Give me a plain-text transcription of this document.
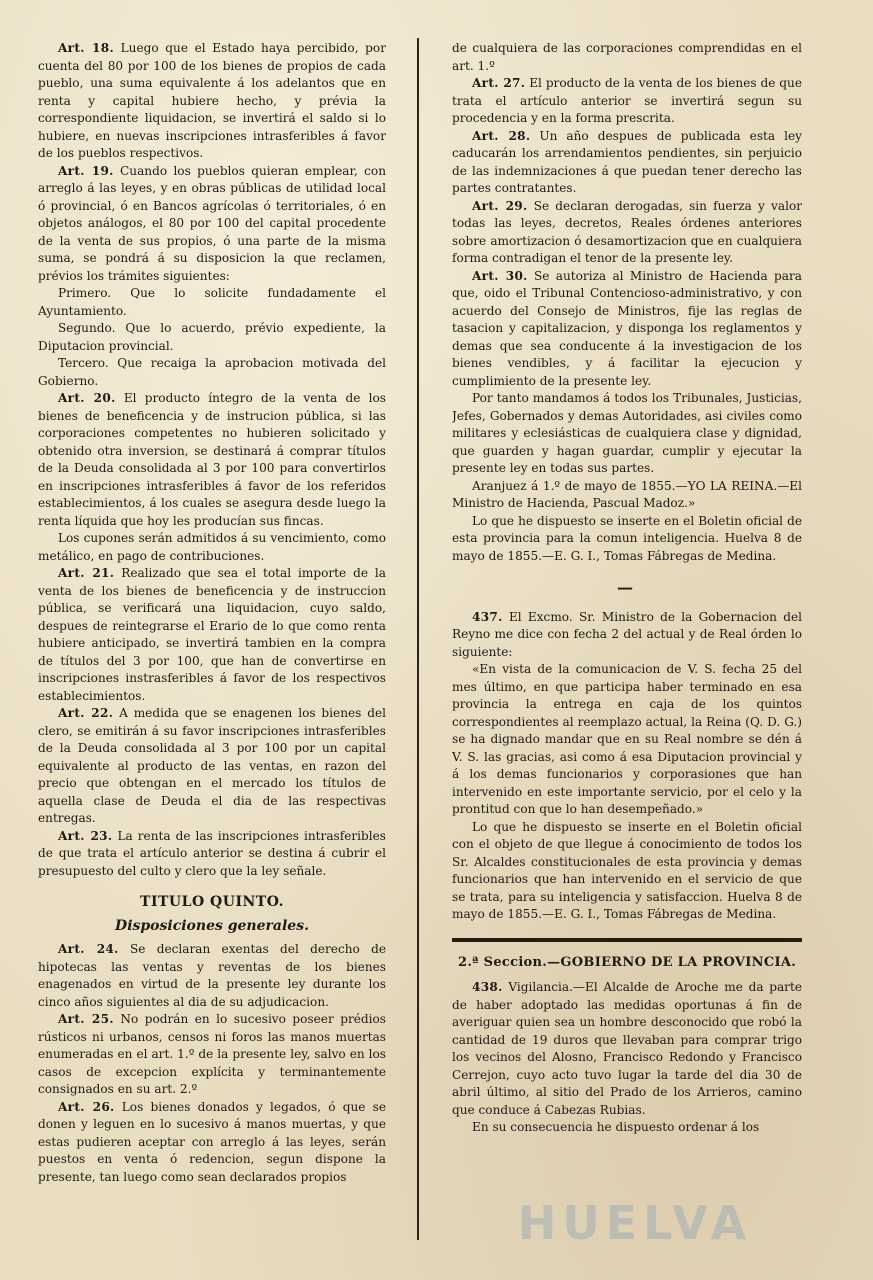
Art. 18. Luego que el Estado haya percibido, por cuenta del 80 por 100 de los bienes de propios de cada pueblo, una suma equivalente á los adelantos que en renta y capital hubiere hecho, y prévia la correspondiente liquidacion, se invertirá el saldo si lo hubiere, en nuevas inscripciones intrasferibles á favor de los pueblos respectivos.

Art. 19. Cuando los pueblos quieran emplear, con arreglo á las leyes, y en obras públicas de utilidad local ó provincial, ó en Bancos agrícolas ó territoriales, ó en objetos análogos, el 80 por 100 del capital procedente de la venta de sus propios, ó una parte de la misma suma, se pondrá á su disposicion la que reclamen, prévios los trámites siguientes:

Primero. Que lo solicite fundadamente el Ayuntamiento.

Segundo. Que lo acuerdo, prévio expediente, la Diputacion provincial.

Tercero. Que recaiga la aprobacion motivada del Gobierno.

Art. 20. El producto íntegro de la venta de los bienes de beneficencia y de instrucion pública, si las corporaciones competentes no hubieren solicitado y obtenido otra inversion, se destinará á comprar títulos de la Deuda consolidada al 3 por 100 para convertirlos en inscripciones intrasferibles á favor de los referidos establecimientos, á los cuales se asegura desde luego la renta líquida que hoy les producían sus fincas.

Los cupones serán admitidos á su vencimiento, como metálico, en pago de contribuciones.

Art. 21. Realizado que sea el total importe de la venta de los bienes de beneficencia y de instruccion pública, se verificará una liquidacion, cuyo saldo, despues de reintegrarse el Erario de lo que como renta hubiere anticipado, se invertirá tambien en la compra de títulos del 3 por 100, que han de convertirse en inscripciones instrasferibles á favor de los respectivos establecimientos.

Art. 22. A medida que se enagenen los bienes del clero, se emitirán á su favor inscripciones intrasferibles de la Deuda consolidada al 3 por 100 por un capital equivalente al producto de las ventas, en razon del precio que obtengan en el mercado los títulos de aquella clase de Deuda el dia de las respectivas entregas.

Art. 23. La renta de las inscripciones intrasferibles de que trata el artículo anterior se destina á cubrir el presupuesto del culto y clero que la ley señale.

TITULO QUINTO.
Disposiciones generales.

Art. 24. Se declaran exentas del derecho de hipotecas las ventas y reventas de los bienes enagenados en virtud de la presente ley durante los cinco años siguientes al dia de su adjudicacion.

Art. 25. No podrán en lo sucesivo poseer prédios rústicos ni urbanos, censos ni foros las manos muertas enumeradas en el art. 1.º de la presente ley, salvo en los casos de excepcion explícita y terminantemente consignados en su art. 2.º

Art. 26. Los bienes donados y legados, ó que se donen y leguen en lo sucesivo á manos muertas, y que estas pudieren aceptar con arreglo á las leyes, serán puestos en venta ó redencion, segun dispone la presente, tan luego como sean declarados propios

de cualquiera de las corporaciones comprendidas en el art. 1.º

Art. 27. El producto de la venta de los bienes de que trata el artículo anterior se invertirá segun su procedencia y en la forma prescrita.

Art. 28. Un año despues de publicada esta ley caducarán los arrendamientos pendientes, sin perjuicio de las indemnizaciones á que puedan tener derecho las partes contratantes.

Art. 29. Se declaran derogadas, sin fuerza y valor todas las leyes, decretos, Reales órdenes anteriores sobre amortizacion ó desamortizacion que en cualquiera forma contradigan el tenor de la presente ley.

Art. 30. Se autoriza al Ministro de Hacienda para que, oido el Tribunal Contencioso-administrativo, y con acuerdo del Consejo de Ministros, fije las reglas de tasacion y capitalizacion, y disponga los reglamentos y demas que sea conducente á la investigacion de los bienes vendibles, y á facilitar la ejecucion y cumplimiento de la presente ley.

Por tanto mandamos á todos los Tribunales, Justicias, Jefes, Gobernados y demas Autoridades, asi civiles como militares y eclesiásticas de cualquiera clase y dignidad, que guarden y hagan guardar, cumplir y ejecutar la presente ley en todas sus partes.

Aranjuez á 1.º de mayo de 1855.—YO LA REINA.—El Ministro de Hacienda, Pascual Madoz.»

Lo que he dispuesto se inserte en el Boletin oficial de esta provincia para la comun inteligencia. Huelva 8 de mayo de 1855.—E. G. I., Tomas Fábregas de Medina.

—

437. El Excmo. Sr. Ministro de la Gobernacion del Reyno me dice con fecha 2 del actual y de Real órden lo siguiente:

«En vista de la comunicacion de V. S. fecha 25 del mes último, en que participa haber terminado en esa provincia la entrega en caja de los quintos correspondientes al reemplazo actual, la Reina (Q. D. G.) se ha dignado mandar que en su Real nombre se dén á V. S. las gracias, asi como á esa Diputacion provincial y á los demas funcionarios y corporasiones que han intervenido en este importante servicio, por el celo y la prontitud con que lo han desempeñado.»

Lo que he dispuesto se inserte en el Boletin oficial con el objeto de que llegue á conocimiento de todos los Sr. Alcaldes constitucionales de esta provincia y demas funcionarios que han intervenido en el servicio de que se trata, para su inteligencia y satisfaccion. Huelva 8 de mayo de 1855.—E. G. I., Tomas Fábregas de Medina.

2.ª Seccion.—GOBIERNO DE LA PROVINCIA.

438. Vigilancia.—El Alcalde de Aroche me da parte de haber adoptado las medidas oportunas á fin de averiguar quien sea un hombre desconocido que robó la cantidad de 19 duros que llevaban para comprar trigo los vecinos del Alosno, Francisco Redondo y Francisco Cerrejon, cuyo acto tuvo lugar la tarde del dia 30 de abril último, al sitio del Prado de los Arrieros, camino que conduce á Cabezas Rubias.

En su consecuencia he dispuesto ordenar á los

HUELVA
